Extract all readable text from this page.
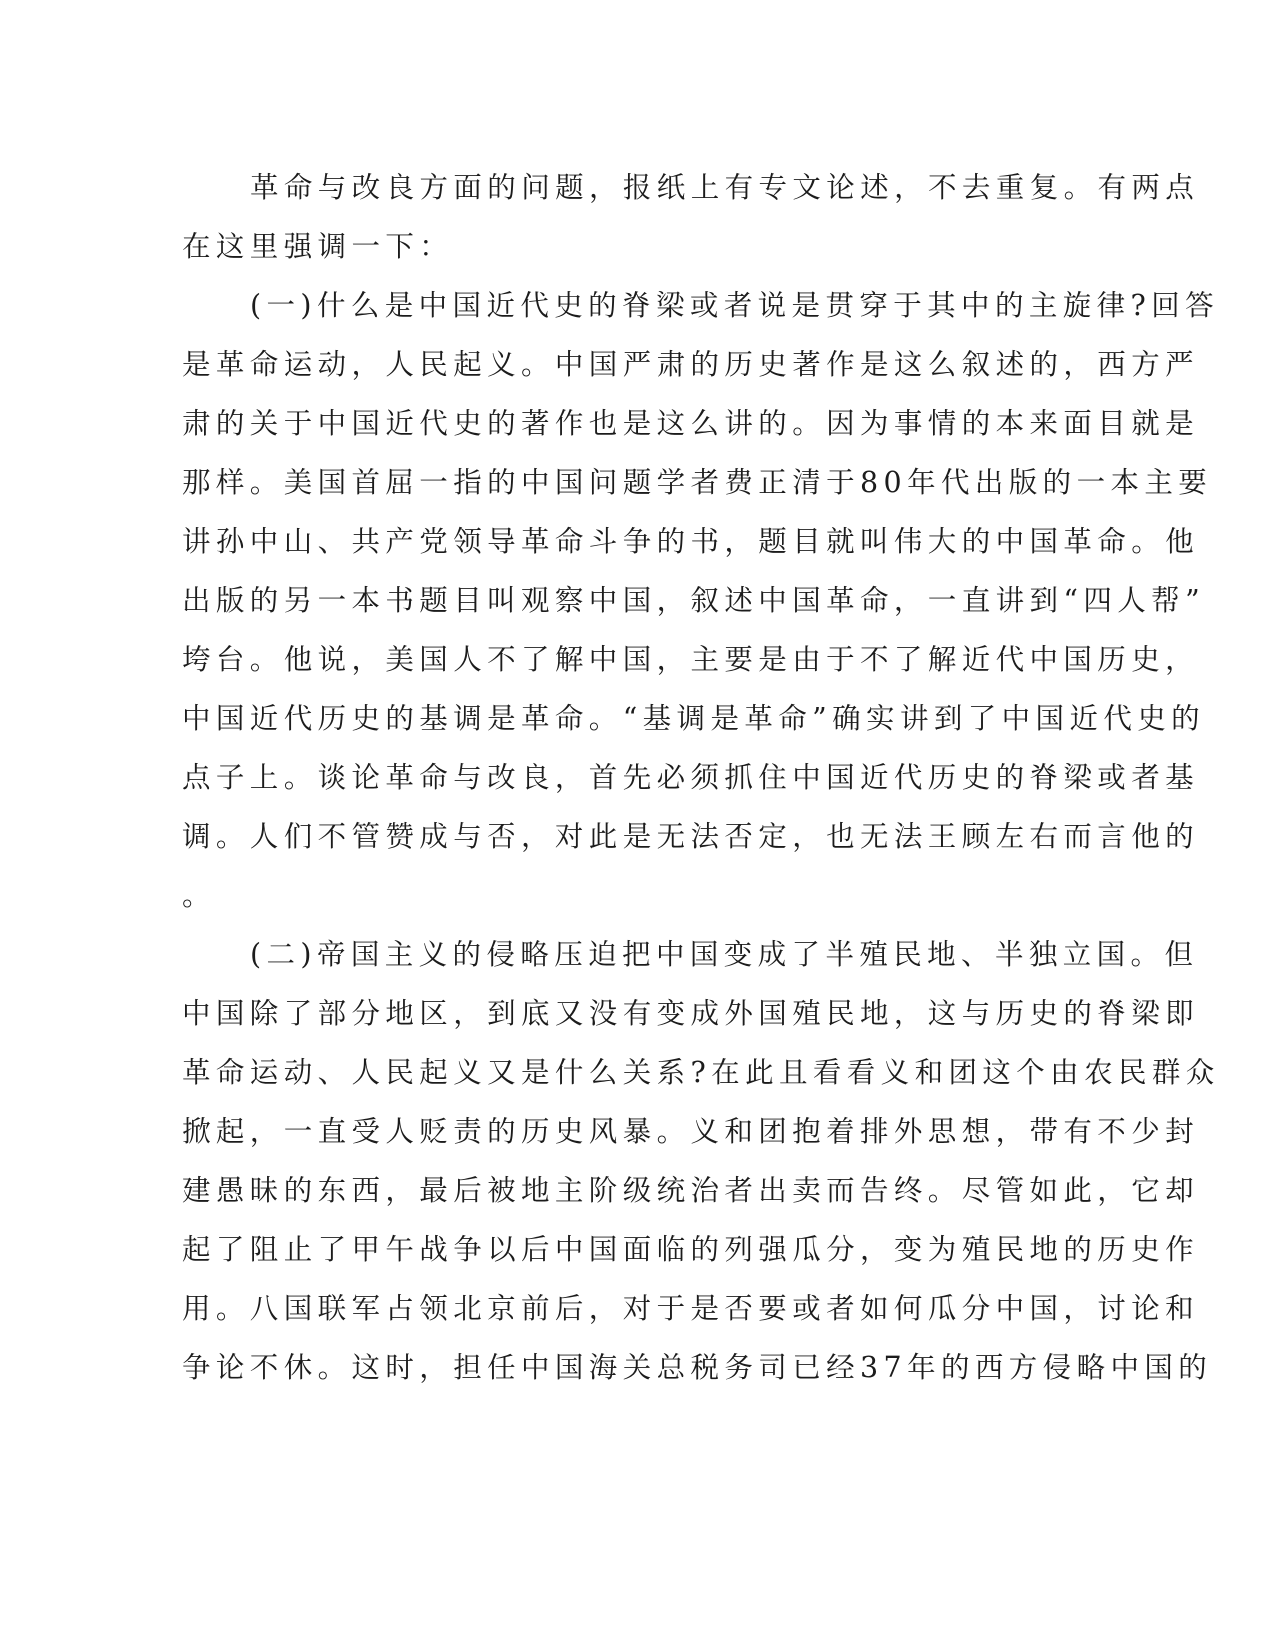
革命与改良方面的问题，报纸上有专文论述，不去重复。有两点
在这里强调一下：
(一)什么是中国近代史的脊梁或者说是贯穿于其中的主旋律?回答
是革命运动，人民起义。中国严肃的历史著作是这么叙述的，西方严
肃的关于中国近代史的著作也是这么讲的。因为事情的本来面目就是
那样。美国首屈一指的中国问题学者费正清于80年代出版的一本主要
讲孙中山、共产党领导革命斗争的书，题目就叫伟大的中国革命。他
出版的另一本书题目叫观察中国，叙述中国革命，一直讲到“四人帮”
垮台。他说，美国人不了解中国，主要是由于不了解近代中国历史，
中国近代历史的基调是革命。“基调是革命”确实讲到了中国近代史的
点子上。谈论革命与改良，首先必须抓住中国近代历史的脊梁或者基
调。人们不管赞成与否，对此是无法否定，也无法王顾左右而言他的
。
(二)帝国主义的侵略压迫把中国变成了半殖民地、半独立国。但
中国除了部分地区，到底又没有变成外国殖民地，这与历史的脊梁即
革命运动、人民起义又是什么关系?在此且看看义和团这个由农民群众
掀起，一直受人贬责的历史风暴。义和团抱着排外思想，带有不少封
建愚昧的东西，最后被地主阶级统治者出卖而告终。尽管如此，它却
起了阻止了甲午战争以后中国面临的列强瓜分，变为殖民地的历史作
用。八国联军占领北京前后，对于是否要或者如何瓜分中国，讨论和
争论不休。这时，担任中国海关总税务司已经37年的西方侵略中国的
